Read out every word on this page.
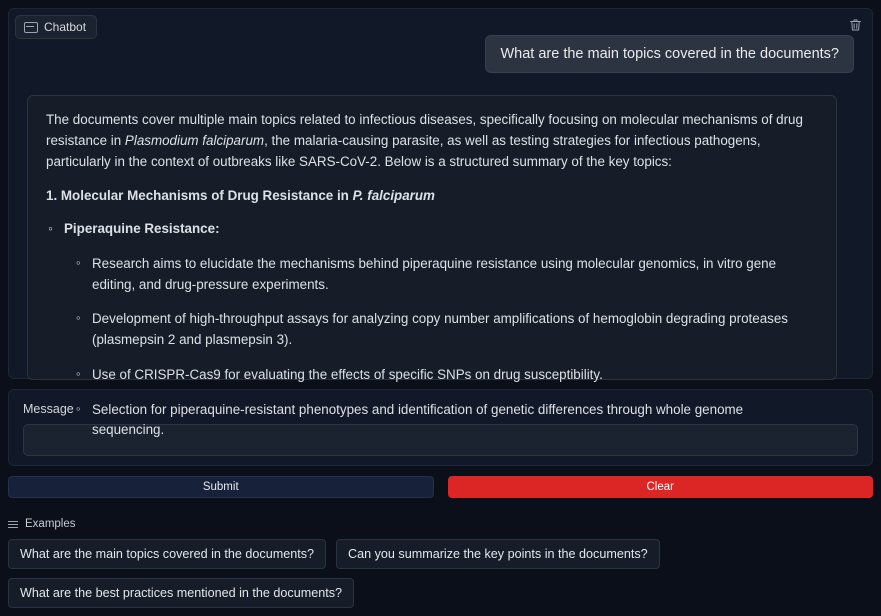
Chatbot
What are the main topics covered in the documents?

The documents cover multiple main topics related to infectious diseases, specifically focusing on molecular mechanisms of drug resistance in Plasmodium falciparum, the malaria-causing parasite, as well as testing strategies for infectious pathogens, particularly in the context of outbreaks like SARS-CoV-2. Below is a structured summary of the key topics:

1. Molecular Mechanisms of Drug Resistance in P. falciparum

◦ Piperaquine Resistance:

◦ Research aims to elucidate the mechanisms behind piperaquine resistance using molecular genomics, in vitro gene editing, and drug-pressure experiments.

◦ Development of high-throughput assays for analyzing copy number amplifications of hemoglobin degrading proteases (plasmepsin 2 and plasmepsin 3).

◦ Use of CRISPR-Cas9 for evaluating the effects of specific SNPs on drug susceptibility.

◦ Selection for piperaquine-resistant phenotypes and identification of genetic differences through whole genome sequencing.

Message
Submit	Clear
Examples
What are the main topics covered in the documents?	Can you summarize the key points in the documents?
What are the best practices mentioned in the documents?
